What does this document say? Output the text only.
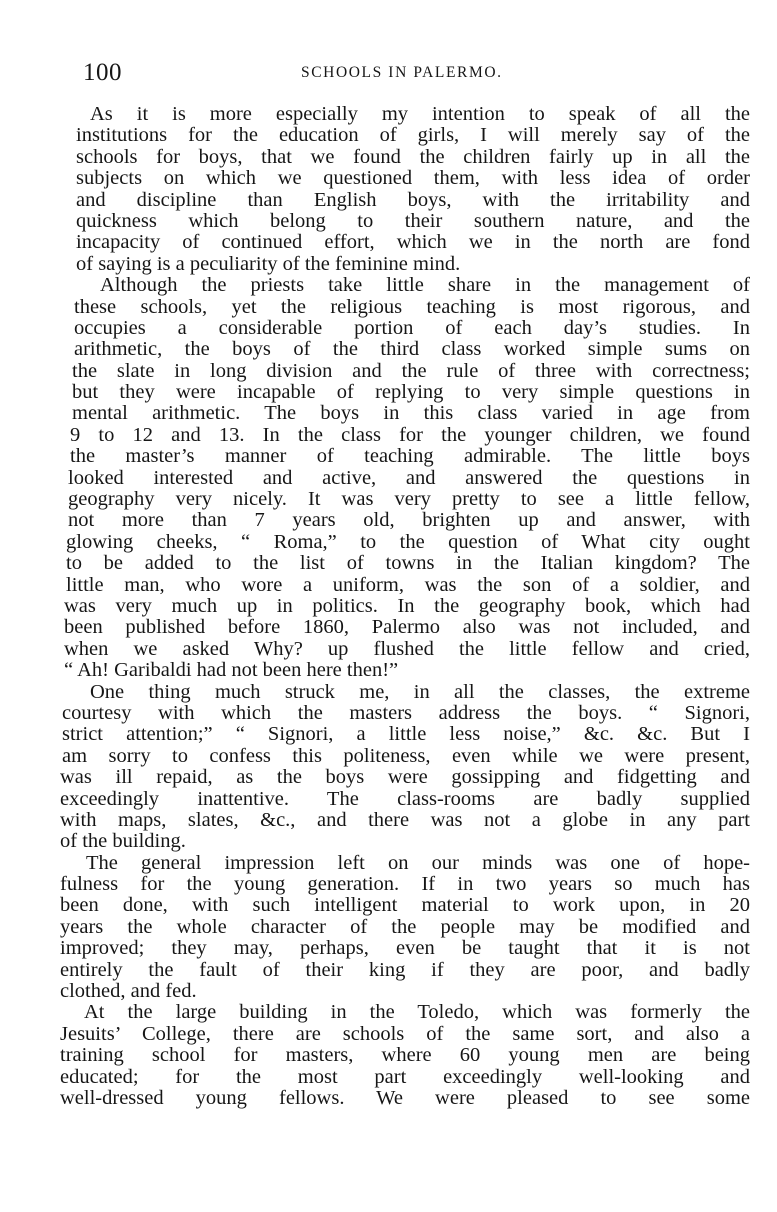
100	SCHOOLS IN PALERMO.
As it is more especially my intention to speak of all the
institutions for the education of girls, I will merely say of the
schools for boys, that we found the children fairly up in all the
subjects on which we questioned them, with less idea of order
and discipline than English boys, with the irritability and
quickness which belong to their southern nature, and the
incapacity of continued effort, which we in the north are fond
of saying is a peculiarity of the feminine mind.
Although the priests take little share in the management of
these schools, yet the religious teaching is most rigorous, and
occupies a considerable portion of each day’s studies. In
arithmetic, the boys of the third class worked simple sums on
the slate in long division and the rule of three with correctness;
but they were incapable of replying to very simple questions in
mental arithmetic. The boys in this class varied in age from
9 to 12 and 13. In the class for the younger children, we found
the master’s manner of teaching admirable. The little boys
looked interested and active, and answered the questions in
geography very nicely. It was very pretty to see a little fellow,
not more than 7 years old, brighten up and answer, with
glowing cheeks, “ Roma,” to the question of What city ought
to be added to the list of towns in the Italian kingdom? The
little man, who wore a uniform, was the son of a soldier, and
was very much up in politics. In the geography book, which had
been published before 1860, Palermo also was not included, and
when we asked Why? up flushed the little fellow and cried,
“ Ah! Garibaldi had not been here then!”
One thing much struck me, in all the classes, the extreme
courtesy with which the masters address the boys. “ Signori,
strict attention;” “ Signori, a little less noise,” &c. &c. But I
am sorry to confess this politeness, even while we were present,
was ill repaid, as the boys were gossipping and fidgetting and
exceedingly inattentive. The class-rooms are badly supplied
with maps, slates, &c., and there was not a globe in any part
of the building.
The general impression left on our minds was one of hope-
fulness for the young generation. If in two years so much has
been done, with such intelligent material to work upon, in 20
years the whole character of the people may be modified and
improved; they may, perhaps, even be taught that it is not
entirely the fault of their king if they are poor, and badly
clothed, and fed.
At the large building in the Toledo, which was formerly the
Jesuits’ College, there are schools of the same sort, and also a
training school for masters, where 60 young men are being
educated; for the most part exceedingly well-looking and
well-dressed young fellows. We were pleased to see some
